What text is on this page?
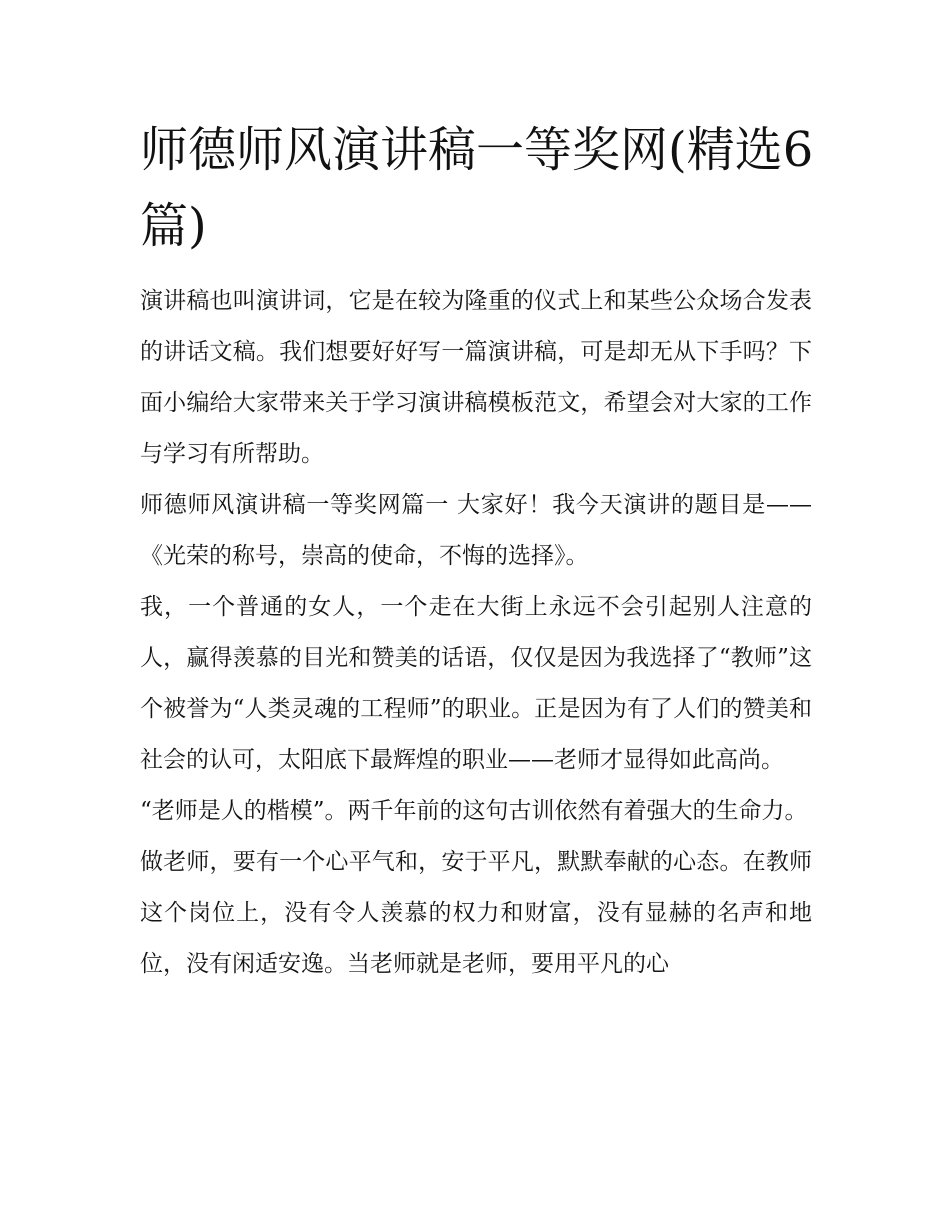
师德师风演讲稿一等奖网(精选6篇)

演讲稿也叫演讲词，它是在较为隆重的仪式上和某些公众场合发表的讲话文稿。我们想要好好写一篇演讲稿，可是却无从下手吗？下面小编给大家带来关于学习演讲稿模板范文，希望会对大家的工作与学习有所帮助。

师德师风演讲稿一等奖网篇一 大家好！我今天演讲的题目是——《光荣的称号，崇高的使命，不悔的选择》。

我，一个普通的女人，一个走在大街上永远不会引起别人注意的人，赢得羡慕的目光和赞美的话语，仅仅是因为我选择了“教师”这个被誉为“人类灵魂的工程师”的职业。正是因为有了人们的赞美和社会的认可，太阳底下最辉煌的职业——老师才显得如此高尚。

“老师是人的楷模”。两千年前的这句古训依然有着强大的生命力。

做老师，要有一个心平气和，安于平凡，默默奉献的心态。在教师这个岗位上，没有令人羡慕的权力和财富，没有显赫的名声和地位，没有闲适安逸。当老师就是老师，要用平凡的心
